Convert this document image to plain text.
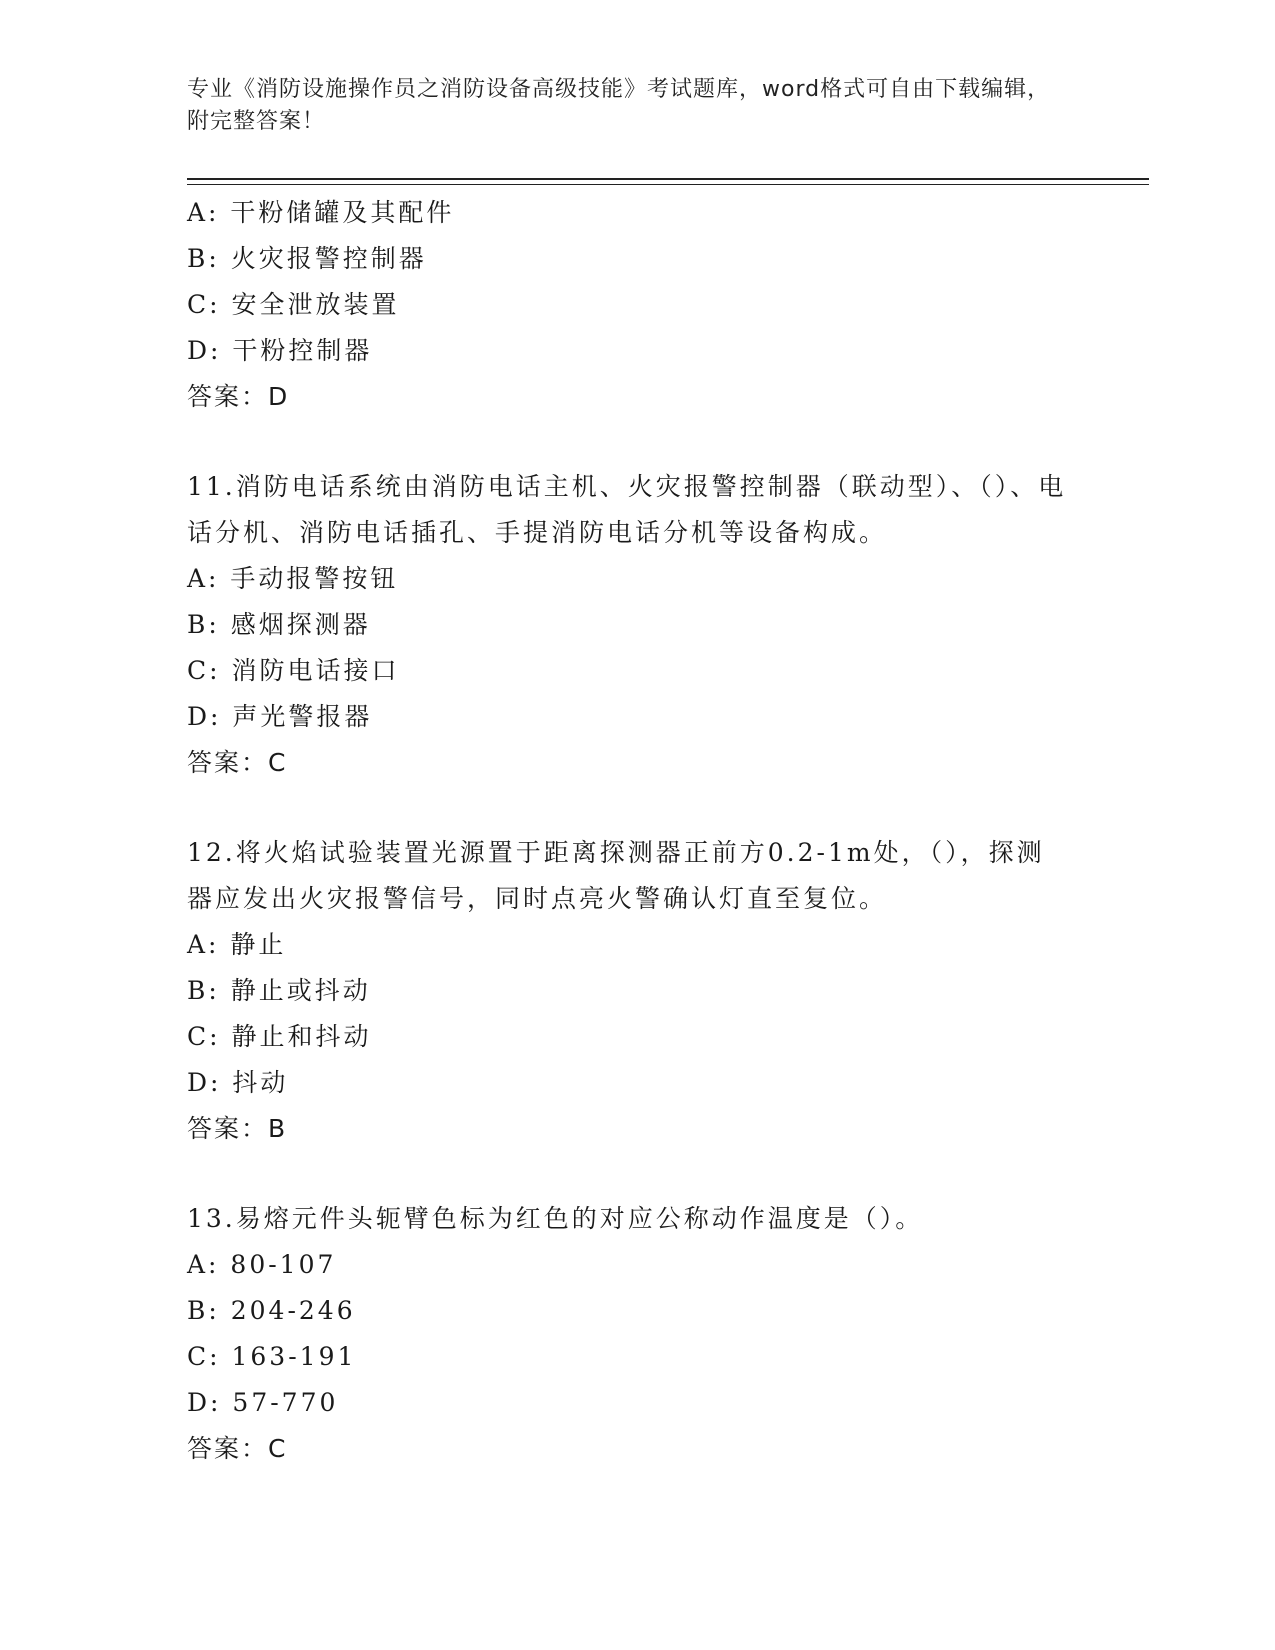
专业《消防设施操作员之消防设备高级技能》考试题库，word格式可自由下载编辑，附完整答案！
A: 干粉储罐及其配件
B: 火灾报警控制器
C: 安全泄放装置
D: 干粉控制器
答案：D
11.消防电话系统由消防电话主机、火灾报警控制器（联动型）、（）、电话分机、消防电话插孔、手提消防电话分机等设备构成。
A: 手动报警按钮
B: 感烟探测器
C: 消防电话接口
D: 声光警报器
答案：C
12.将火焰试验装置光源置于距离探测器正前方0.2-1m处，（），探测器应发出火灾报警信号，同时点亮火警确认灯直至复位。
A: 静止
B: 静止或抖动
C: 静止和抖动
D: 抖动
答案：B
13.易熔元件头轭臂色标为红色的对应公称动作温度是（）。
A: 80-107
B: 204-246
C: 163-191
D: 57-770
答案：C
